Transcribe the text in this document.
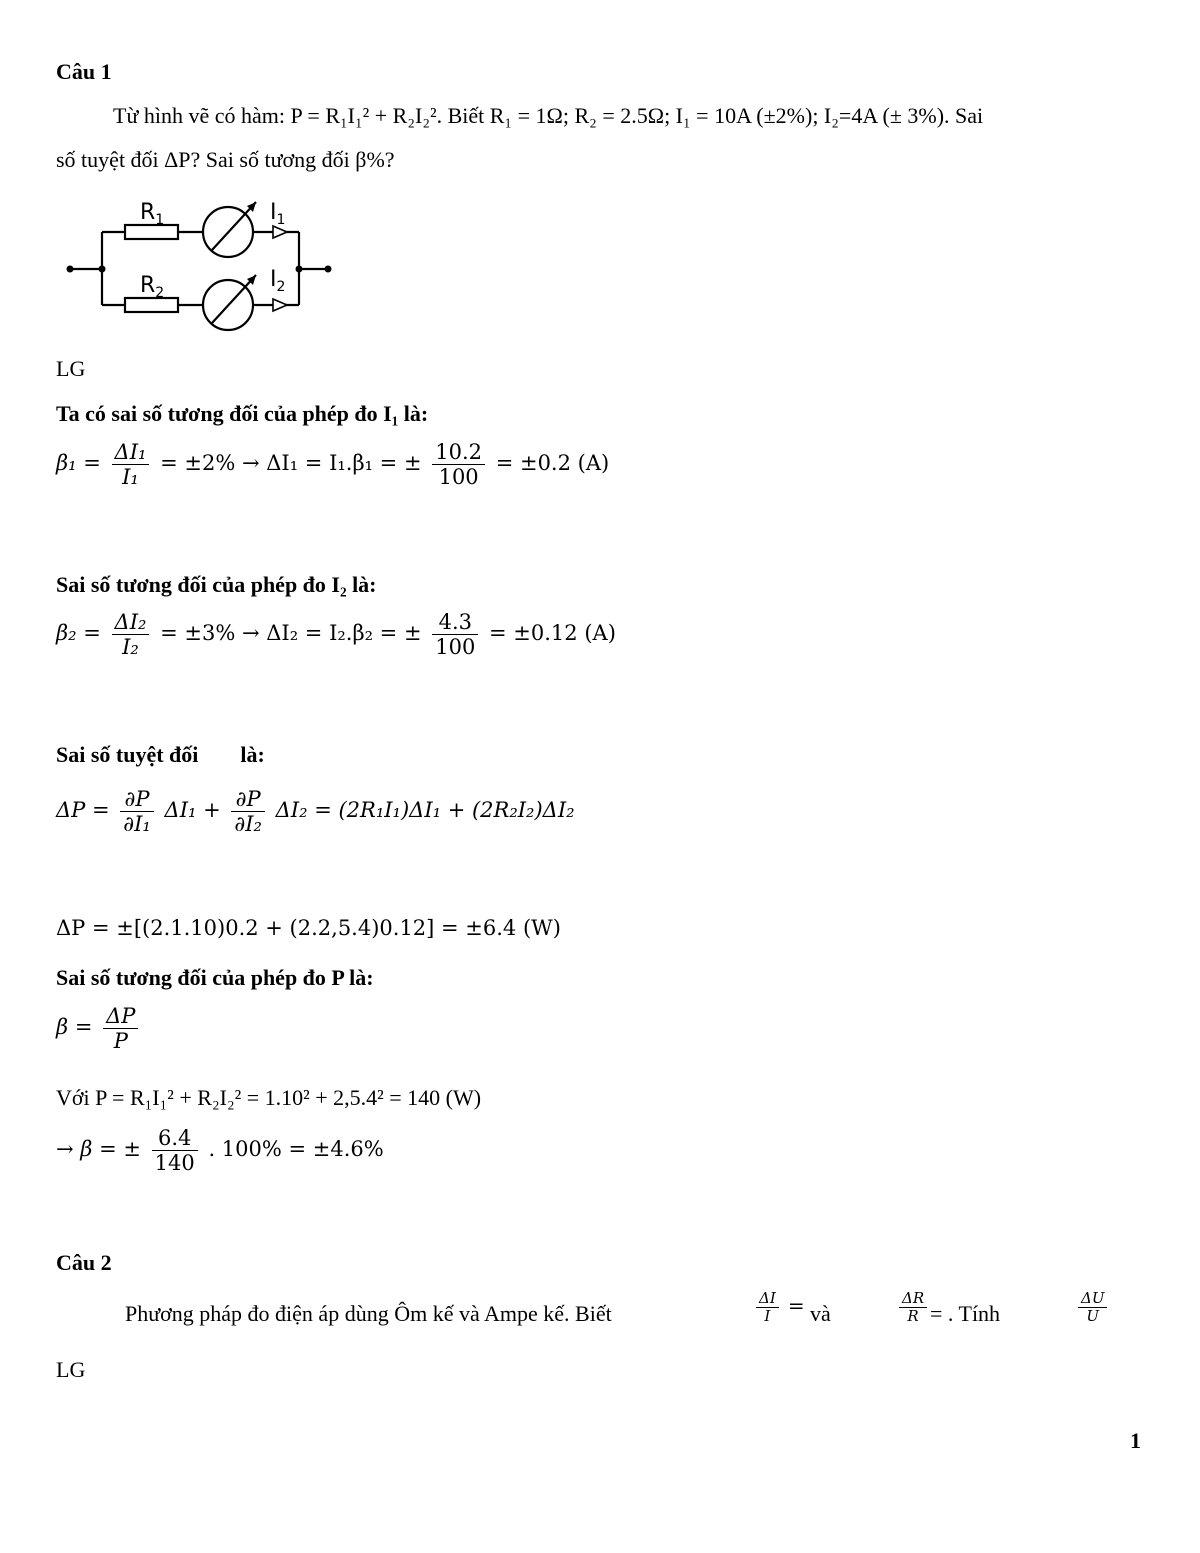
Câu 1
Từ hình vẽ có hàm: P = R₁I₁² + R₂I₂². Biết R₁ = 1Ω; R₂ = 2.5Ω; I₁ = 10A (±2%); I₂=4A (± 3%). Sai
số tuyệt đối ΔP? Sai số tương đối β%?
$R_1$
$R_2$
$I_1$
$I_2$
LG
Ta có sai số tương đối của phép đo I₁ là:
$\beta_1 = \frac{\text{ΔI₁}}{\text{I₁}} = \pm 2\% \to \Delta I_1 = I_1.\beta_1$ = ± $\frac{10.2}{100} = \pm 0.2$ (A)
Sai số tương đối của phép đo I₂ là:
$\beta_2 = \frac{\text{ΔI₂}}{\text{I₂}} = \pm 3\% \to \Delta I_2 = I_2.\beta_2$ = ± $\frac{4.3}{100} = \pm 0.12$ (A)
Sai số tuyệt đối là:
$\Delta P = \frac{\partial P}{\text{∂I₁}} \Delta I_1 + \frac{\partial P}{\text{∂I₂}} \Delta I_2 = (2R_1I_1)\Delta I_1 + (2R_2I_2)\Delta I_2$
ΔP = ±[(2.1.10)0.2 + (2.2,5.4)0.12] = ±6.4 (W)
Sai số tương đối của phép đo P là:
$\beta = \frac{\Delta P}{P}$
Với P = R₁I₁² + R₂I₂² = 1.10² + 2,5.4² = 140 (W)
→ β = ± $\frac{6.4}{140}$ . 100% = ±4.6%
Câu 2
Phương pháp đo điện áp dùng Ôm kế và Ampe kế. Biết	$\frac{\Delta I}{I}$ = và	$\frac{\Delta R}{R}$ = . Tính	$\frac{\Delta U}{U}$
LG
1
